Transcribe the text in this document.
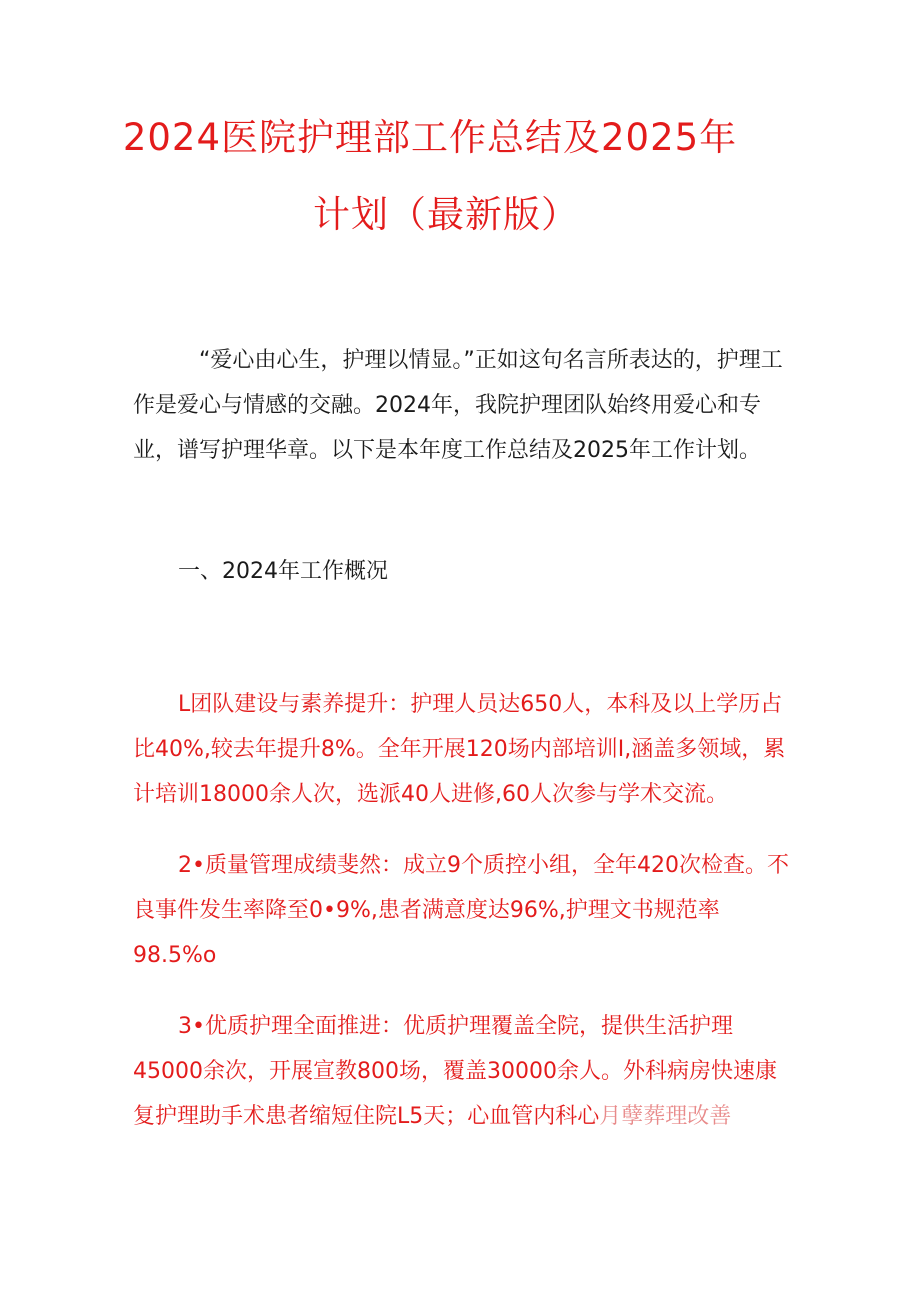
2024医院护理部工作总结及2025年
计划（最新版）

“爱心由心生，护理以情显。”正如这句名言所表达的，护理工作是爱心与情感的交融。2024年，我院护理团队始终用爱心和专业，谱写护理华章。以下是本年度工作总结及2025年工作计划。

一、2024年工作概况

L团队建设与素养提升：护理人员达650人，本科及以上学历占比40%,较去年提升8%。全年开展120场内部培训I,涵盖多领域，累计培训18000余人次，选派40人进修,60人次参与学术交流。

2•质量管理成绩斐然：成立9个质控小组，全年420次检查。不良事件发生率降至0•9%,患者满意度达96%,护理文书规范率98.5%o

3•优质护理全面推进：优质护理覆盖全院，提供生活护理45000余次，开展宣教800场，覆盖30000余人。外科病房快速康复护理助手术患者缩短住院L5天；心血管内科心月孽葬理改善
